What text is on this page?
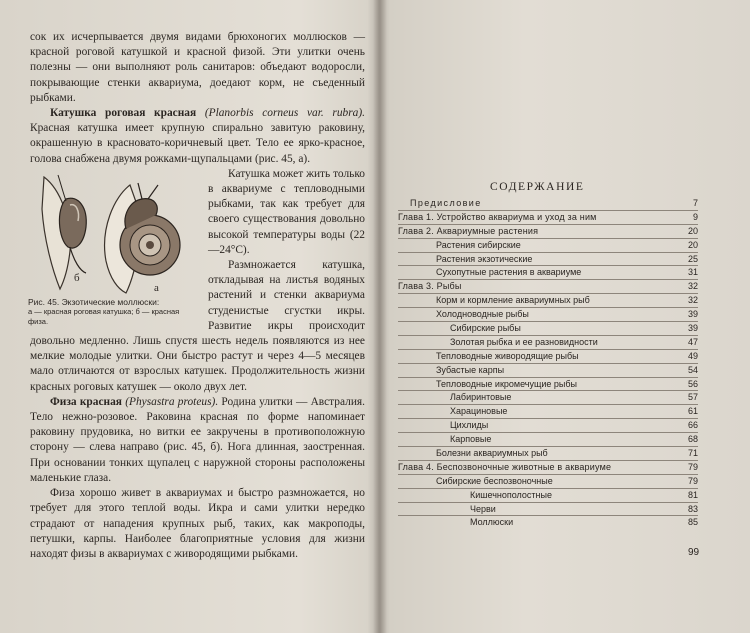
сок их исчерпывается двумя видами брюхоногих моллюсков — красной роговой катушкой и красной физой. Эти улитки очень полезны — они выполняют роль санитаров: объедают водоросли, покрывающие стенки аквариума, доедают корм, не съеденный рыбками.

Катушка роговая красная (Planorbis corneus var. rubra). Красная катушка имеет крупную спирально завитую раковину, окрашенную в красновато-коричневый цвет. Тело ее ярко-красное, голова снабжена двумя рожками-щупальцами (рис. 45, а).

б
а
Рис. 45. Экзотические моллюски:
а — красная роговая катушка; б — красная физа.

Катушка может жить только в аквариуме с тепловодными рыбками, так как требует для своего существования довольно высокой температуры воды (22—24°С).

Размножается катушка, откладывая на листья водяных растений и стенки аквариума студенистые сгустки икры. Развитие икры происходит довольно медленно. Лишь спустя шесть недель появляются из нее мелкие молодые улитки. Они быстро растут и через 4—5 месяцев мало отличаются от взрослых катушек. Продолжительность жизни красных роговых катушек — около двух лет.

Физа красная (Physastra proteus). Родина улитки — Австралия. Тело нежно-розовое. Раковина красная по форме напоминает раковину прудовика, но витки ее закручены в противоположную сторону — слева направо (рис. 45, б). Нога длинная, заостренная. При основании тонких щупалец с наружной стороны расположены маленькие глаза.

Физа хорошо живет в аквариумах и быстро размножается, но требует для этого теплой воды. Икра и сами улитки нередко страдают от нападения крупных рыб, таких, как макроподы, петушки, карпы. Наиболее благоприятные условия для жизни находят физы в аквариумах с живородящими рыбками.

СОДЕРЖАНИЕ
Предисловие	7
Глава 1. Устройство аквариума и уход за ним	9
Глава 2. Аквариумные растения	20
Растения сибирские	20
Растения экзотические	25
Сухопутные растения в аквариуме	31
Глава 3. Рыбы	32
Корм и кормление аквариумных рыб	32
Холодноводные рыбы	39
Сибирские рыбы	39
Золотая рыбка и ее разновидности	47
Тепловодные живородящие рыбы	49
Зубастые карпы	54
Тепловодные икромечущие рыбы	56
Лабиринтовые	57
Харациновые	61
Цихлиды	66
Карповые	68
Болезни аквариумных рыб	71
Глава 4. Беспозвоночные животные в аквариуме	79
Сибирские беспозвоночные	79
Кишечнополостные	81
Черви	83
Моллюски	85
99
